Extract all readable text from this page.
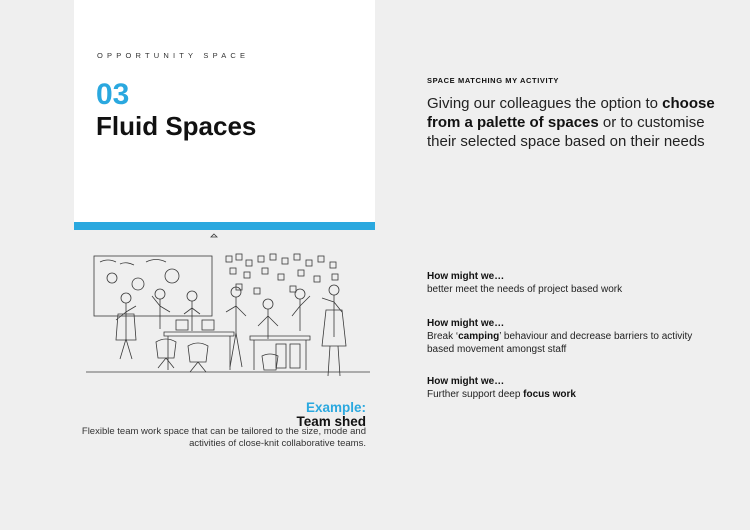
OPPORTUNITY SPACE
03
Fluid Spaces
Example:
Team shed
Flexible team work space that can be tailored to the size, mode and activities of close-knit collaborative teams.
SPACE MATCHING MY ACTIVITY
Giving our colleagues the option to choose from a palette of spaces or to customise their selected space based on their needs
How might we…
better meet the needs of project based work
How might we…
Break ‘camping’ behaviour and decrease barriers to activity based movement amongst staff
How might we…
Further support deep focus work
